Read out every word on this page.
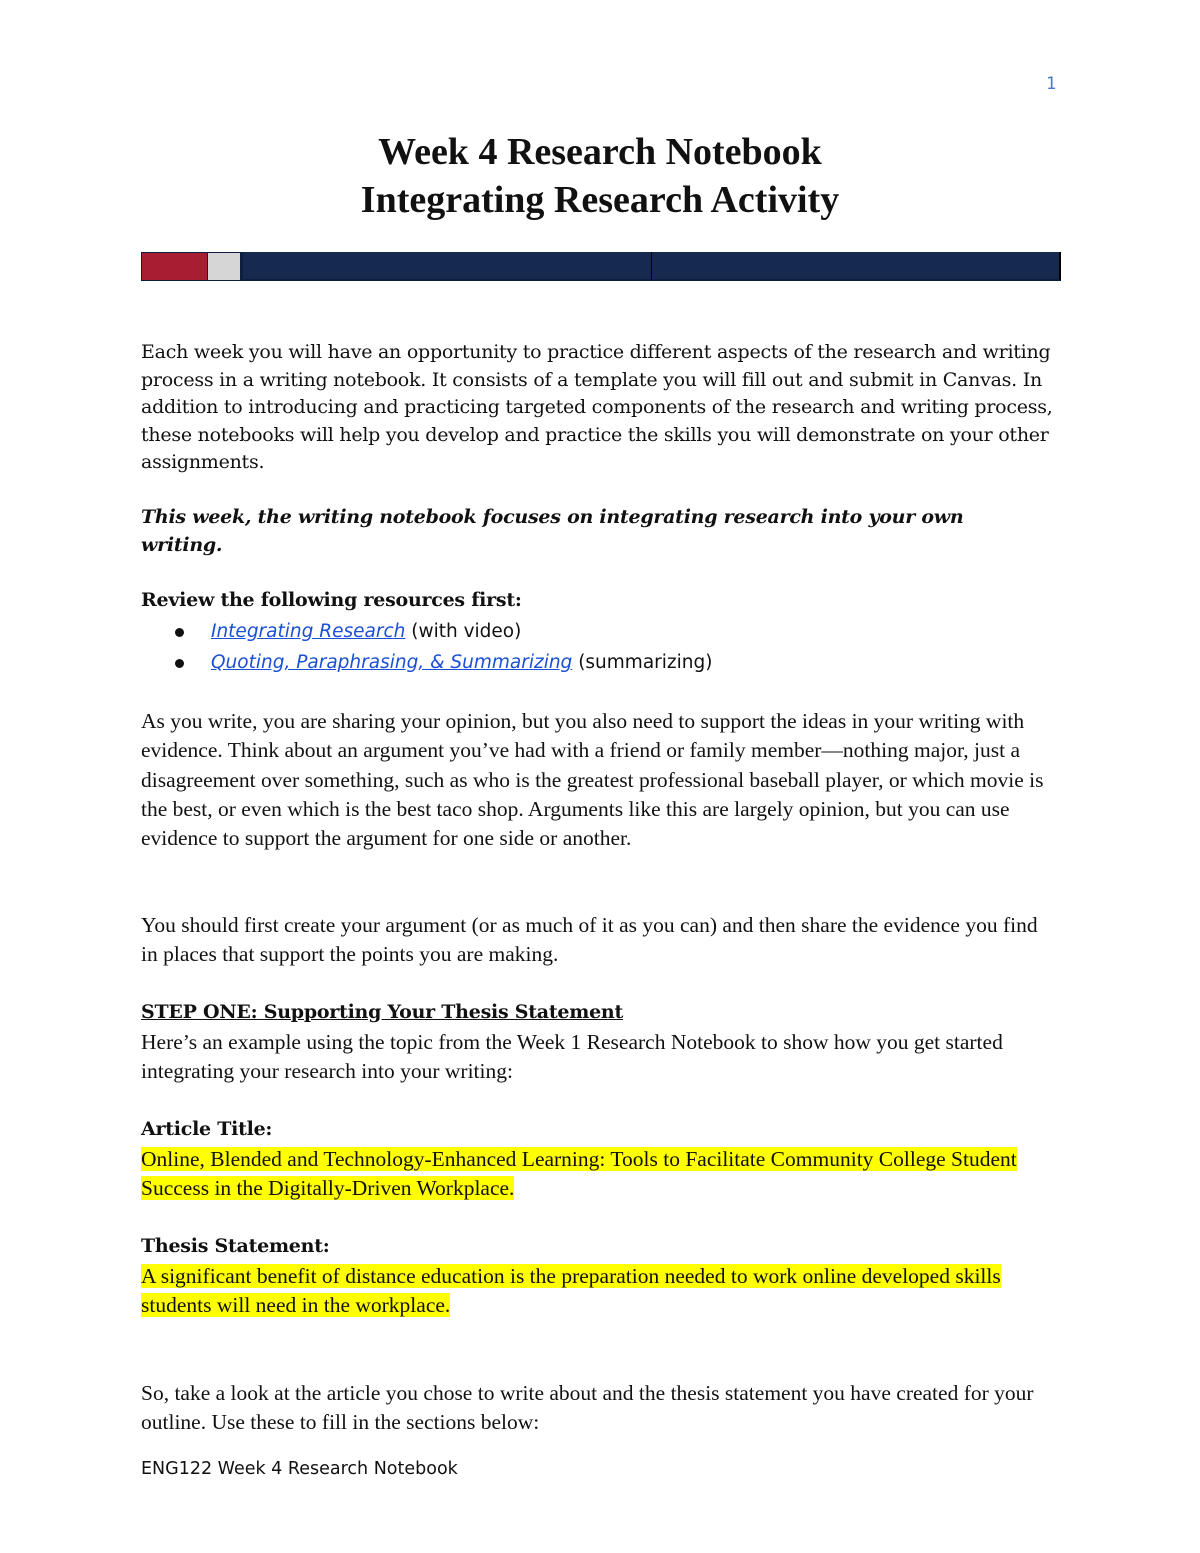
1
Week 4 Research Notebook
Integrating Research Activity

Each week you will have an opportunity to practice different aspects of the research and writing process in a writing notebook. It consists of a template you will fill out and submit in Canvas. In addition to introducing and practicing targeted components of the research and writing process, these notebooks will help you develop and practice the skills you will demonstrate on your other assignments.

This week, the writing notebook focuses on integrating research into your own writing.

Review the following resources first:

Integrating Research (with video)
Quoting, Paraphrasing, & Summarizing (summarizing)

As you write, you are sharing your opinion, but you also need to support the ideas in your writing with evidence. Think about an argument you’ve had with a friend or family member—nothing major, just a disagreement over something, such as who is the greatest professional baseball player, or which movie is the best, or even which is the best taco shop. Arguments like this are largely opinion, but you can use evidence to support the argument for one side or another.

You should first create your argument (or as much of it as you can) and then share the evidence you find in places that support the points you are making.

STEP ONE: Supporting Your Thesis Statement

Here’s an example using the topic from the Week 1 Research Notebook to show how you get started integrating your research into your writing:

Article Title:

Online, Blended and Technology-Enhanced Learning: Tools to Facilitate Community College Student Success in the Digitally-Driven Workplace.

Thesis Statement:

A significant benefit of distance education is the preparation needed to work online developed skills students will need in the workplace.

So, take a look at the article you chose to write about and the thesis statement you have created for your outline. Use these to fill in the sections below:

ENG122 Week 4 Research Notebook
